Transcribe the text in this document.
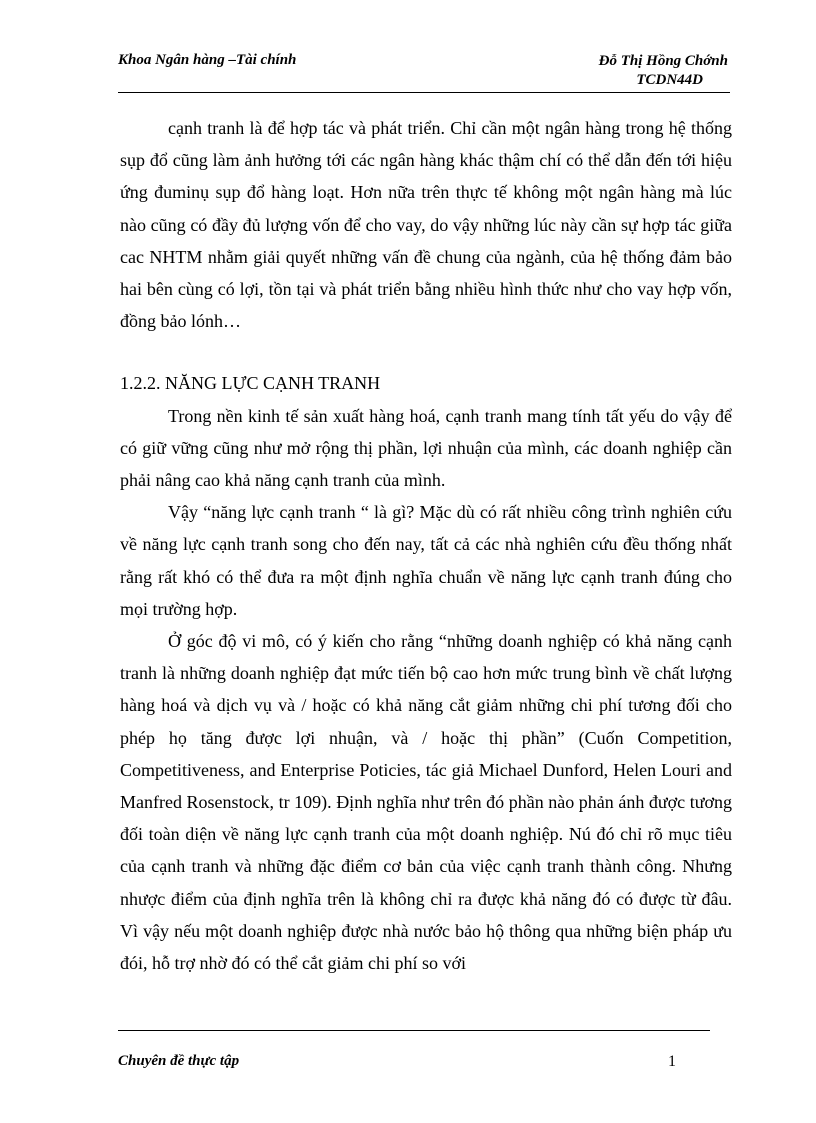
Khoa Ngân hàng –Tài chính	Đỗ Thị Hồng Chớnh

TCDN44D

cạnh tranh là để hợp tác và phát triển. Chỉ cần một ngân hàng trong hệ thống sụp đổ cũng làm ảnh hưởng tới các ngân hàng khác thậm chí có thể dẫn đến tới hiệu ứng đuminụ sụp đổ hàng loạt. Hơn nữa trên thực tế không một ngân hàng mà lúc nào cũng có đầy đủ lượng vốn để cho vay, do vậy những lúc này cần sự hợp tác giữa cac NHTM nhằm giải quyết những vấn đề chung của ngành, của hệ thống đảm bảo hai bên cùng có lợi, tồn tại và phát triển bằng nhiều hình thức như cho vay hợp vốn, đồng bảo lónh…

1.2.2. NĂNG LỰC CẠNH TRANH

Trong nền kinh tế sản xuất hàng hoá, cạnh tranh mang tính tất yếu do vậy để có giữ vững cũng như mở rộng thị phần, lợi nhuận của mình, các doanh nghiệp cần phải nâng cao khả năng cạnh tranh của mình.

Vậy “năng lực cạnh tranh “ là gì? Mặc dù có rất nhiều công trình nghiên cứu về năng lực cạnh tranh song cho đến nay, tất cả các nhà nghiên cứu đều thống nhất rằng rất khó có thể đưa ra một định nghĩa chuẩn về năng lực cạnh tranh đúng cho mọi trường hợp.

Ở góc độ vi mô, có ý kiến cho rằng “những doanh nghiệp có khả năng cạnh tranh là những doanh nghiệp đạt mức tiến bộ cao hơn mức trung bình về chất lượng hàng hoá và dịch vụ và / hoặc có khả năng cắt giảm những chi phí tương đối cho phép họ tăng được lợi nhuận, và / hoặc thị phần” (Cuốn Competition, Competitiveness, and Enterprise Poticies, tác giả Michael Dunford, Helen Louri and Manfred Rosenstock, tr 109). Định nghĩa như trên đó phần nào phản ánh được tương đối toàn diện về năng lực cạnh tranh của một doanh nghiệp. Nú đó chỉ rõ mục tiêu của cạnh tranh và những đặc điểm cơ bản của việc cạnh tranh thành công. Nhưng nhược điểm của định nghĩa trên là không chỉ ra được khả năng đó có được từ đâu. Vì vậy nếu một doanh nghiệp được nhà nước bảo hộ thông qua những biện pháp ưu đói, hỗ trợ nhờ đó có thể cắt giảm chi phí so với

Chuyên đề thực tập	1
